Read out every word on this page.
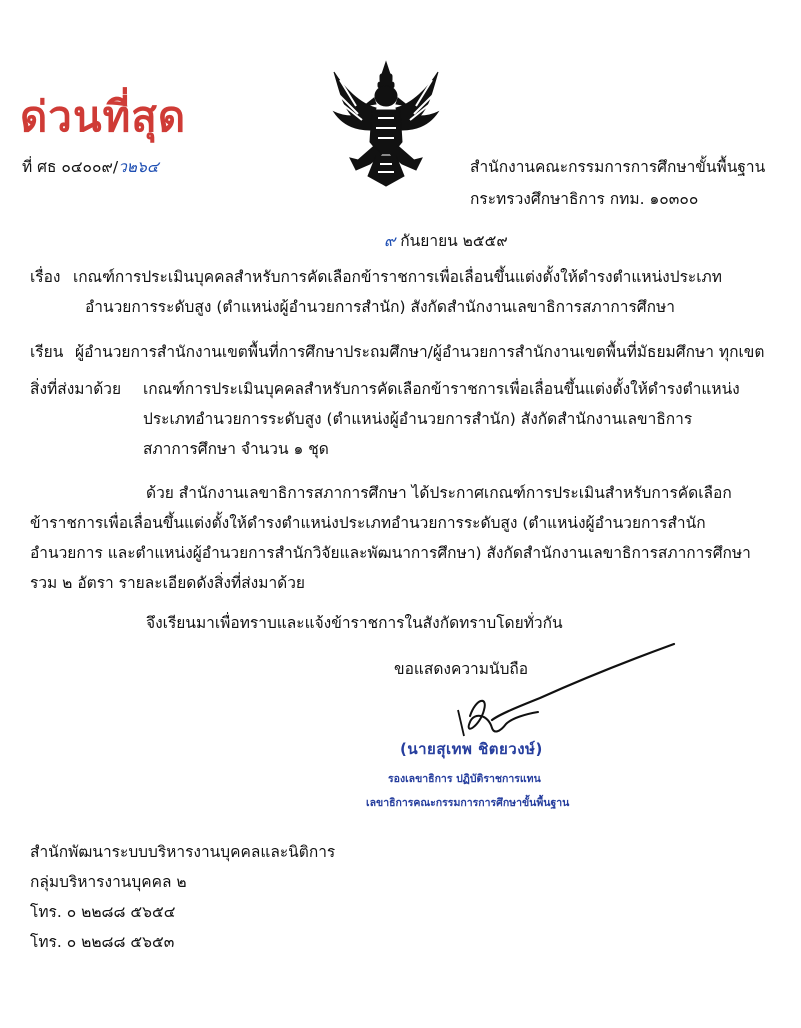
ด่วนที่สุด
ที่ ศธ ๐๔๐๐๙/ว๒๖๔	สำนักงานคณะกรรมการการศึกษาขั้นพื้นฐาน
กระทรวงศึกษาธิการ กทม. ๑๐๓๐๐
๙ กันยายน ๒๕๕๙
เรื่อง เกณฑ์การประเมินบุคคลสำหรับการคัดเลือกข้าราชการเพื่อเลื่อนขึ้นแต่งตั้งให้ดำรงตำแหน่งประเภท
อำนวยการระดับสูง (ตำแหน่งผู้อำนวยการสำนัก) สังกัดสำนักงานเลขาธิการสภาการศึกษา
เรียน ผู้อำนวยการสำนักงานเขตพื้นที่การศึกษาประถมศึกษา/ผู้อำนวยการสำนักงานเขตพื้นที่มัธยมศึกษา ทุกเขต
สิ่งที่ส่งมาด้วย เกณฑ์การประเมินบุคคลสำหรับการคัดเลือกข้าราชการเพื่อเลื่อนขึ้นแต่งตั้งให้ดำรงตำแหน่ง
ประเภทอำนวยการระดับสูง (ตำแหน่งผู้อำนวยการสำนัก) สังกัดสำนักงานเลขาธิการ
สภาการศึกษา จำนวน ๑ ชุด
ด้วย สำนักงานเลขาธิการสภาการศึกษา ได้ประกาศเกณฑ์การประเมินสำหรับการคัดเลือก
ข้าราชการเพื่อเลื่อนขึ้นแต่งตั้งให้ดำรงตำแหน่งประเภทอำนวยการระดับสูง (ตำแหน่งผู้อำนวยการสำนัก
อำนวยการ และตำแหน่งผู้อำนวยการสำนักวิจัยและพัฒนาการศึกษา) สังกัดสำนักงานเลขาธิการสภาการศึกษา
รวม ๒ อัตรา รายละเอียดดังสิ่งที่ส่งมาด้วย
จึงเรียนมาเพื่อทราบและแจ้งข้าราชการในสังกัดทราบโดยทั่วกัน
ขอแสดงความนับถือ
(นายสุเทพ ชิตยวงษ์)
รองเลขาธิการ ปฏิบัติราชการแทน
เลขาธิการคณะกรรมการการศึกษาขั้นพื้นฐาน
สำนักพัฒนาระบบบริหารงานบุคคลและนิติการ
กลุ่มบริหารงานบุคคล ๒
โทร. ๐ ๒๒๘๘ ๕๖๕๔
โทร. ๐ ๒๒๘๘ ๕๖๕๓
